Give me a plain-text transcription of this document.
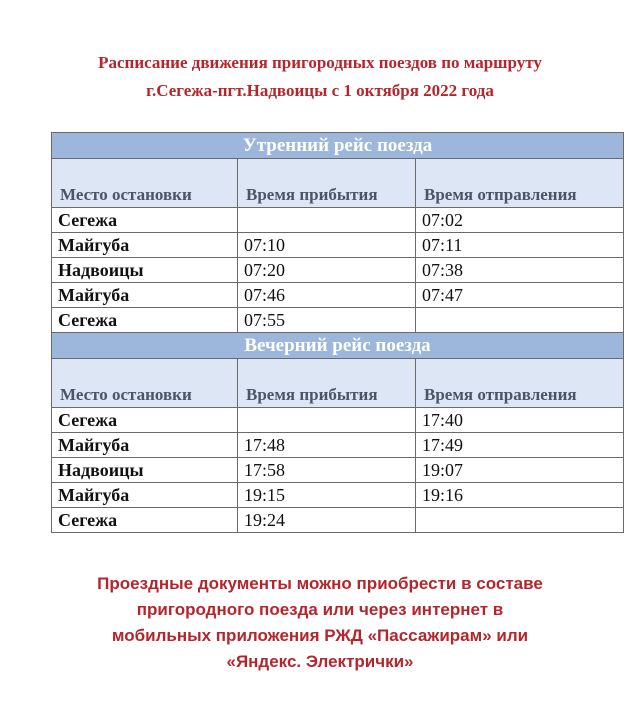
Расписание движения пригородных поездов по маршруту
г.Сегежа-пгт.Надвоицы с 1 октября 2022 года
Утренний рейс поезда		
Место остановки	Время прибытия	Время отправления
Сегежа		07:02
Майгуба	07:10	07:11
Надвоицы	07:20	07:38
Майгуба	07:46	07:47
Сегежа	07:55	
Вечерний рейс поезда		
Место остановки	Время прибытия	Время отправления
Сегежа		17:40
Майгуба	17:48	17:49
Надвоицы	17:58	19:07
Майгуба	19:15	19:16
Сегежа	19:24	
Проездные документы можно приобрести в составе
пригородного поезда или через интернет в
мобильных приложения РЖД «Пассажирам» или
«Яндекс. Электрички»
